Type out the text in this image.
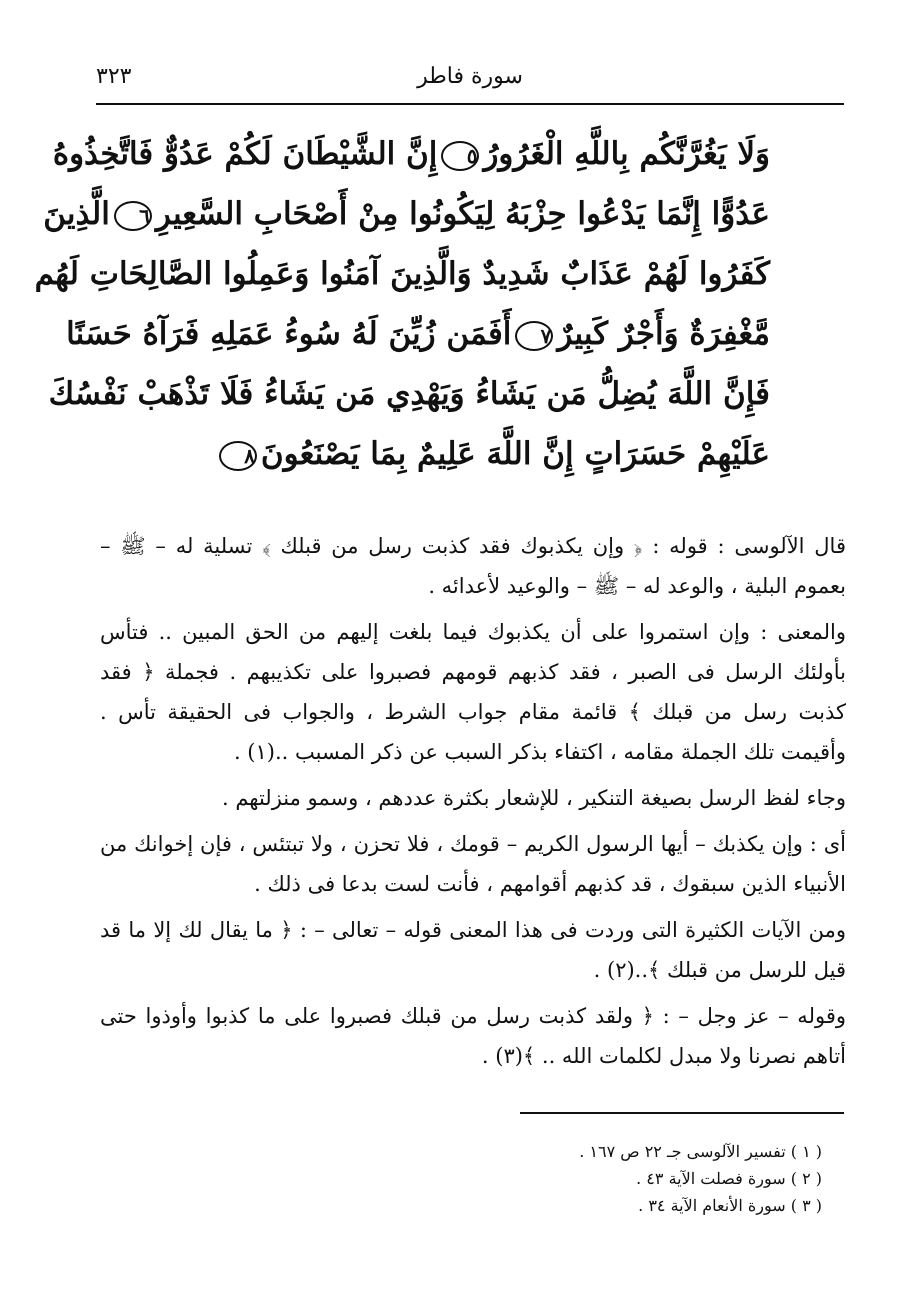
٣٢٣	سورة فاطر
وَلَا يَغُرَّنَّكُم بِاللَّهِ الْغَرُورُ٥إِنَّ الشَّيْطَانَ لَكُمْ عَدُوٌّ فَاتَّخِذُوهُ
عَدُوًّا إِنَّمَا يَدْعُوا حِزْبَهُ لِيَكُونُوا مِنْ أَصْحَابِ السَّعِيرِ٦الَّذِينَ
كَفَرُوا لَهُمْ عَذَابٌ شَدِيدٌ وَالَّذِينَ آمَنُوا وَعَمِلُوا الصَّالِحَاتِ لَهُم
مَّغْفِرَةٌ وَأَجْرٌ كَبِيرٌ٧أَفَمَن زُيِّنَ لَهُ سُوءُ عَمَلِهِ فَرَآهُ حَسَنًا
فَإِنَّ اللَّهَ يُضِلُّ مَن يَشَاءُ وَيَهْدِي مَن يَشَاءُ فَلَا تَذْهَبْ نَفْسُكَ
عَلَيْهِمْ حَسَرَاتٍ إِنَّ اللَّهَ عَلِيمٌ بِمَا يَصْنَعُونَ٨

قال الآلوسى : قوله : ﴿ وإن يكذبوك فقد كذبت رسل من قبلك ﴾ تسلية له – ﷺ – بعموم البلية ، والوعد له – ﷺ – والوعيد لأعدائه .

والمعنى : وإن استمروا على أن يكذبوك فيما بلغت إليهم من الحق المبين .. فتأس بأولئك الرسل فى الصبر ، فقد كذبهم قومهم فصبروا على تكذيبهم . فجملة ﴿ فقد كذبت رسل من قبلك ﴾ قائمة مقام جواب الشرط ، والجواب فى الحقيقة تأس . وأقيمت تلك الجملة مقامه ، اكتفاء بذكر السبب عن ذكر المسبب ..(١) .

وجاء لفظ الرسل بصيغة التنكير ، للإشعار بكثرة عددهم ، وسمو منزلتهم .

أى : وإن يكذبك – أيها الرسول الكريم – قومك ، فلا تحزن ، ولا تبتئس ، فإن إخوانك من الأنبياء الذين سبقوك ، قد كذبهم أقوامهم ، فأنت لست بدعا فى ذلك .

ومن الآيات الكثيرة التى وردت فى هذا المعنى قوله – تعالى – : ﴿ ما يقال لك إلا ما قد قيل للرسل من قبلك ﴾..(٢) .

وقوله – عز وجل – : ﴿ ولقد كذبت رسل من قبلك فصبروا على ما كذبوا وأوذوا حتى أتاهم نصرنا ولا مبدل لكلمات الله .. ﴾(٣) .

( ١ ) تفسير الآلوسى جـ ٢٢ ص ١٦٧ .
( ٢ ) سورة فصلت الآية ٤٣ .
( ٣ ) سورة الأنعام الآية ٣٤ .
